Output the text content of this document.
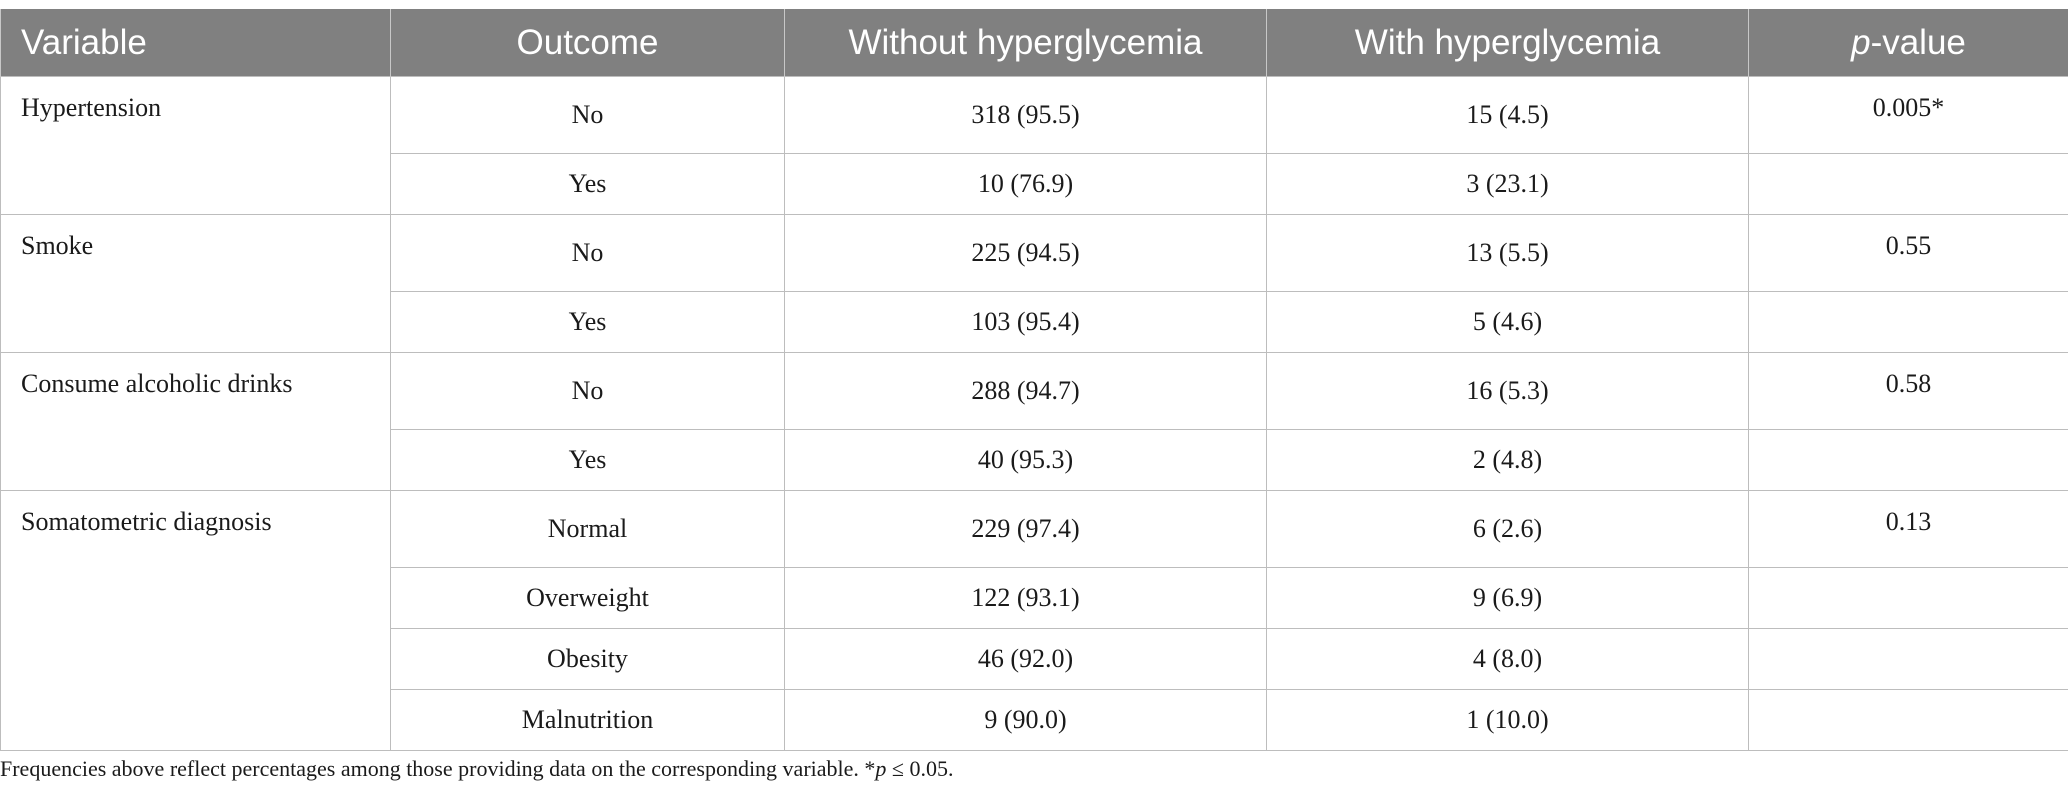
Variable	Outcome	Without hyperglycemia	With hyperglycemia	p-value
Hypertension	No	318 (95.5)	15 (4.5)	0.005*
	Yes	10 (76.9)	3 (23.1)	
Smoke	No	225 (94.5)	13 (5.5)	0.55
	Yes	103 (95.4)	5 (4.6)	
Consume alcoholic drinks	No	288 (94.7)	16 (5.3)	0.58
	Yes	40 (95.3)	2 (4.8)	
Somatometric diagnosis	Normal	229 (97.4)	6 (2.6)	0.13
	Overweight	122 (93.1)	9 (6.9)	
	Obesity	46 (92.0)	4 (8.0)	
	Malnutrition	9 (90.0)	1 (10.0)	
Frequencies above reflect percentages among those providing data on the corresponding variable. *p ≤ 0.05.
